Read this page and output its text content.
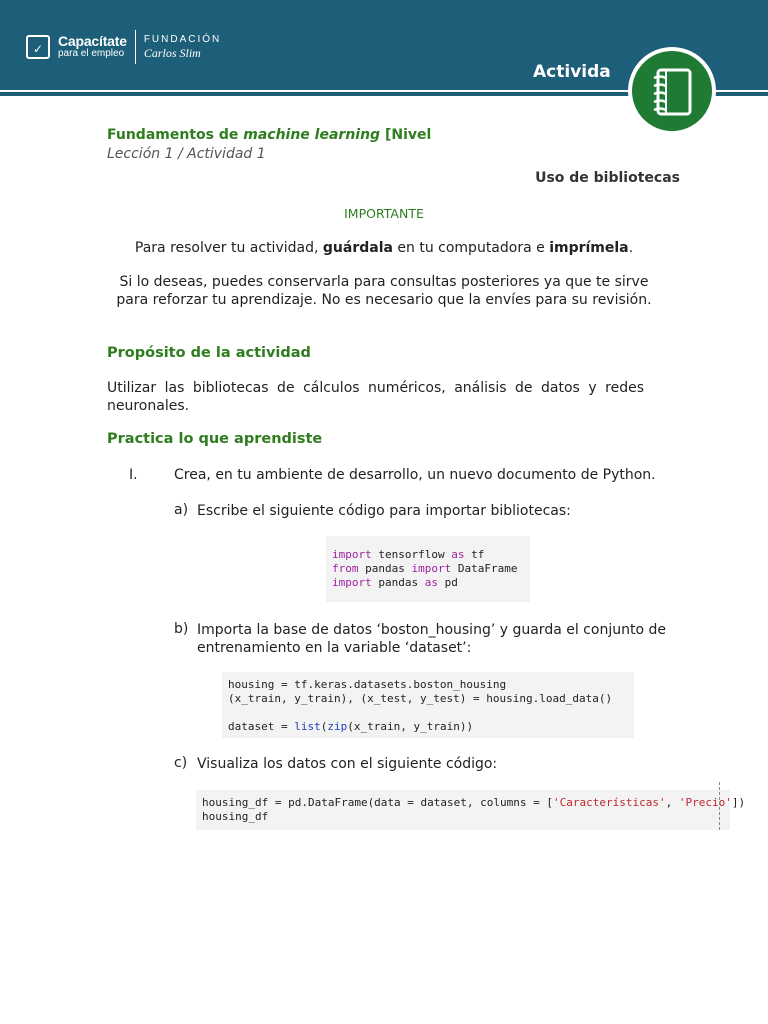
✓	Capacítate
para el empleo
FUNDACIÓN
Carlos Slim
Activida
Fundamentos de machine learning [Nivel
Lección 1 / Actividad 1
Uso de bibliotecas
IMPORTANTE
Para resolver tu actividad, guárdala en tu computadora e imprímela.
Si lo deseas, puedes conservarla para consultas posteriores ya que te sirve para reforzar tu aprendizaje. No es necesario que la envíes para su revisión.
Propósito de la actividad
Utilizar las bibliotecas de cálculos numéricos, análisis de datos y redes neuronales.
Practica lo que aprendiste
I.	Crea, en tu ambiente de desarrollo, un nuevo documento de Python.
a) Escribe el siguiente código para importar bibliotecas:
import tensorflow as tf
from pandas import DataFrame
import pandas as pd
b) Importa la base de datos ‘boston_housing’ y guarda el conjunto de entrenamiento en la variable ‘dataset’:
housing = tf.keras.datasets.boston_housing
(x_train, y_train), (x_test, y_test) = housing.load_data()

dataset = list(zip(x_train, y_train))
c) Visualiza los datos con el siguiente código:
housing_df = pd.DataFrame(data = dataset, columns = ['Características', 'Precio'])
housing_df
